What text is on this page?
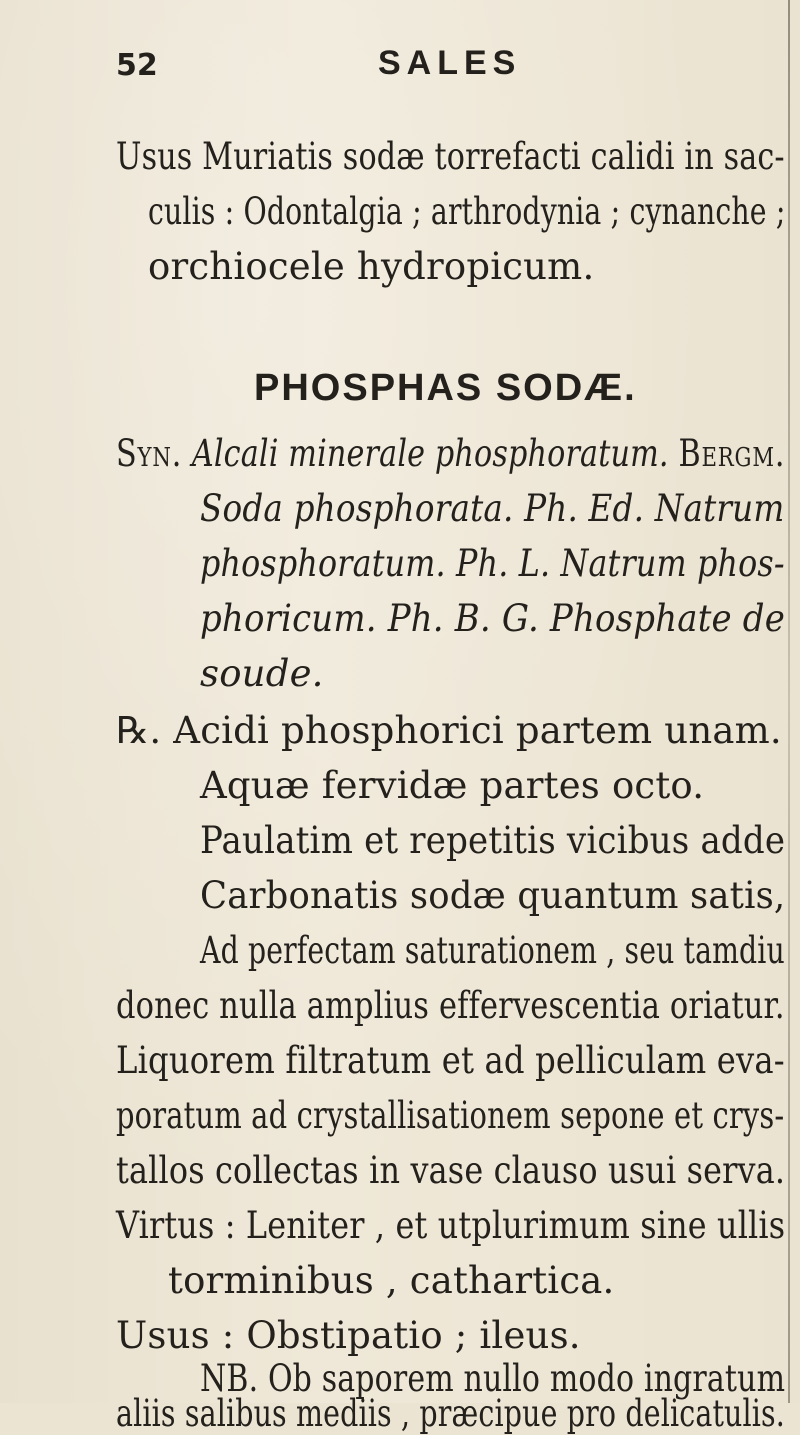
52	SALES
Usus Muriatis sodæ torrefacti calidi in sac-
culis : Odontalgia ; arthrodynia ; cynanche ;
orchiocele hydropicum.
PHOSPHAS SODÆ.
Syn. Alcali minerale phosphoratum. Bergm.
Soda phosphorata. Ph. Ed. Natrum
phosphoratum. Ph. L. Natrum phos-
phoricum. Ph. B. G. Phosphate de
soude.
℞. Acidi phosphorici partem unam.
Aquæ fervidæ partes octo.
Paulatim et repetitis vicibus adde
Carbonatis sodæ quantum satis,
Ad perfectam saturationem , seu tamdiu
donec nulla amplius effervescentia oriatur.
Liquorem filtratum et ad pelliculam eva-
poratum ad crystallisationem sepone et crys-
tallos collectas in vase clauso usui serva.
Virtus : Leniter , et utplurimum sine ullis
torminibus , cathartica.
Usus : Obstipatio ; ileus.
NB. Ob saporem nullo modo ingratum
aliis salibus mediis , præcipue pro delicatulis.
